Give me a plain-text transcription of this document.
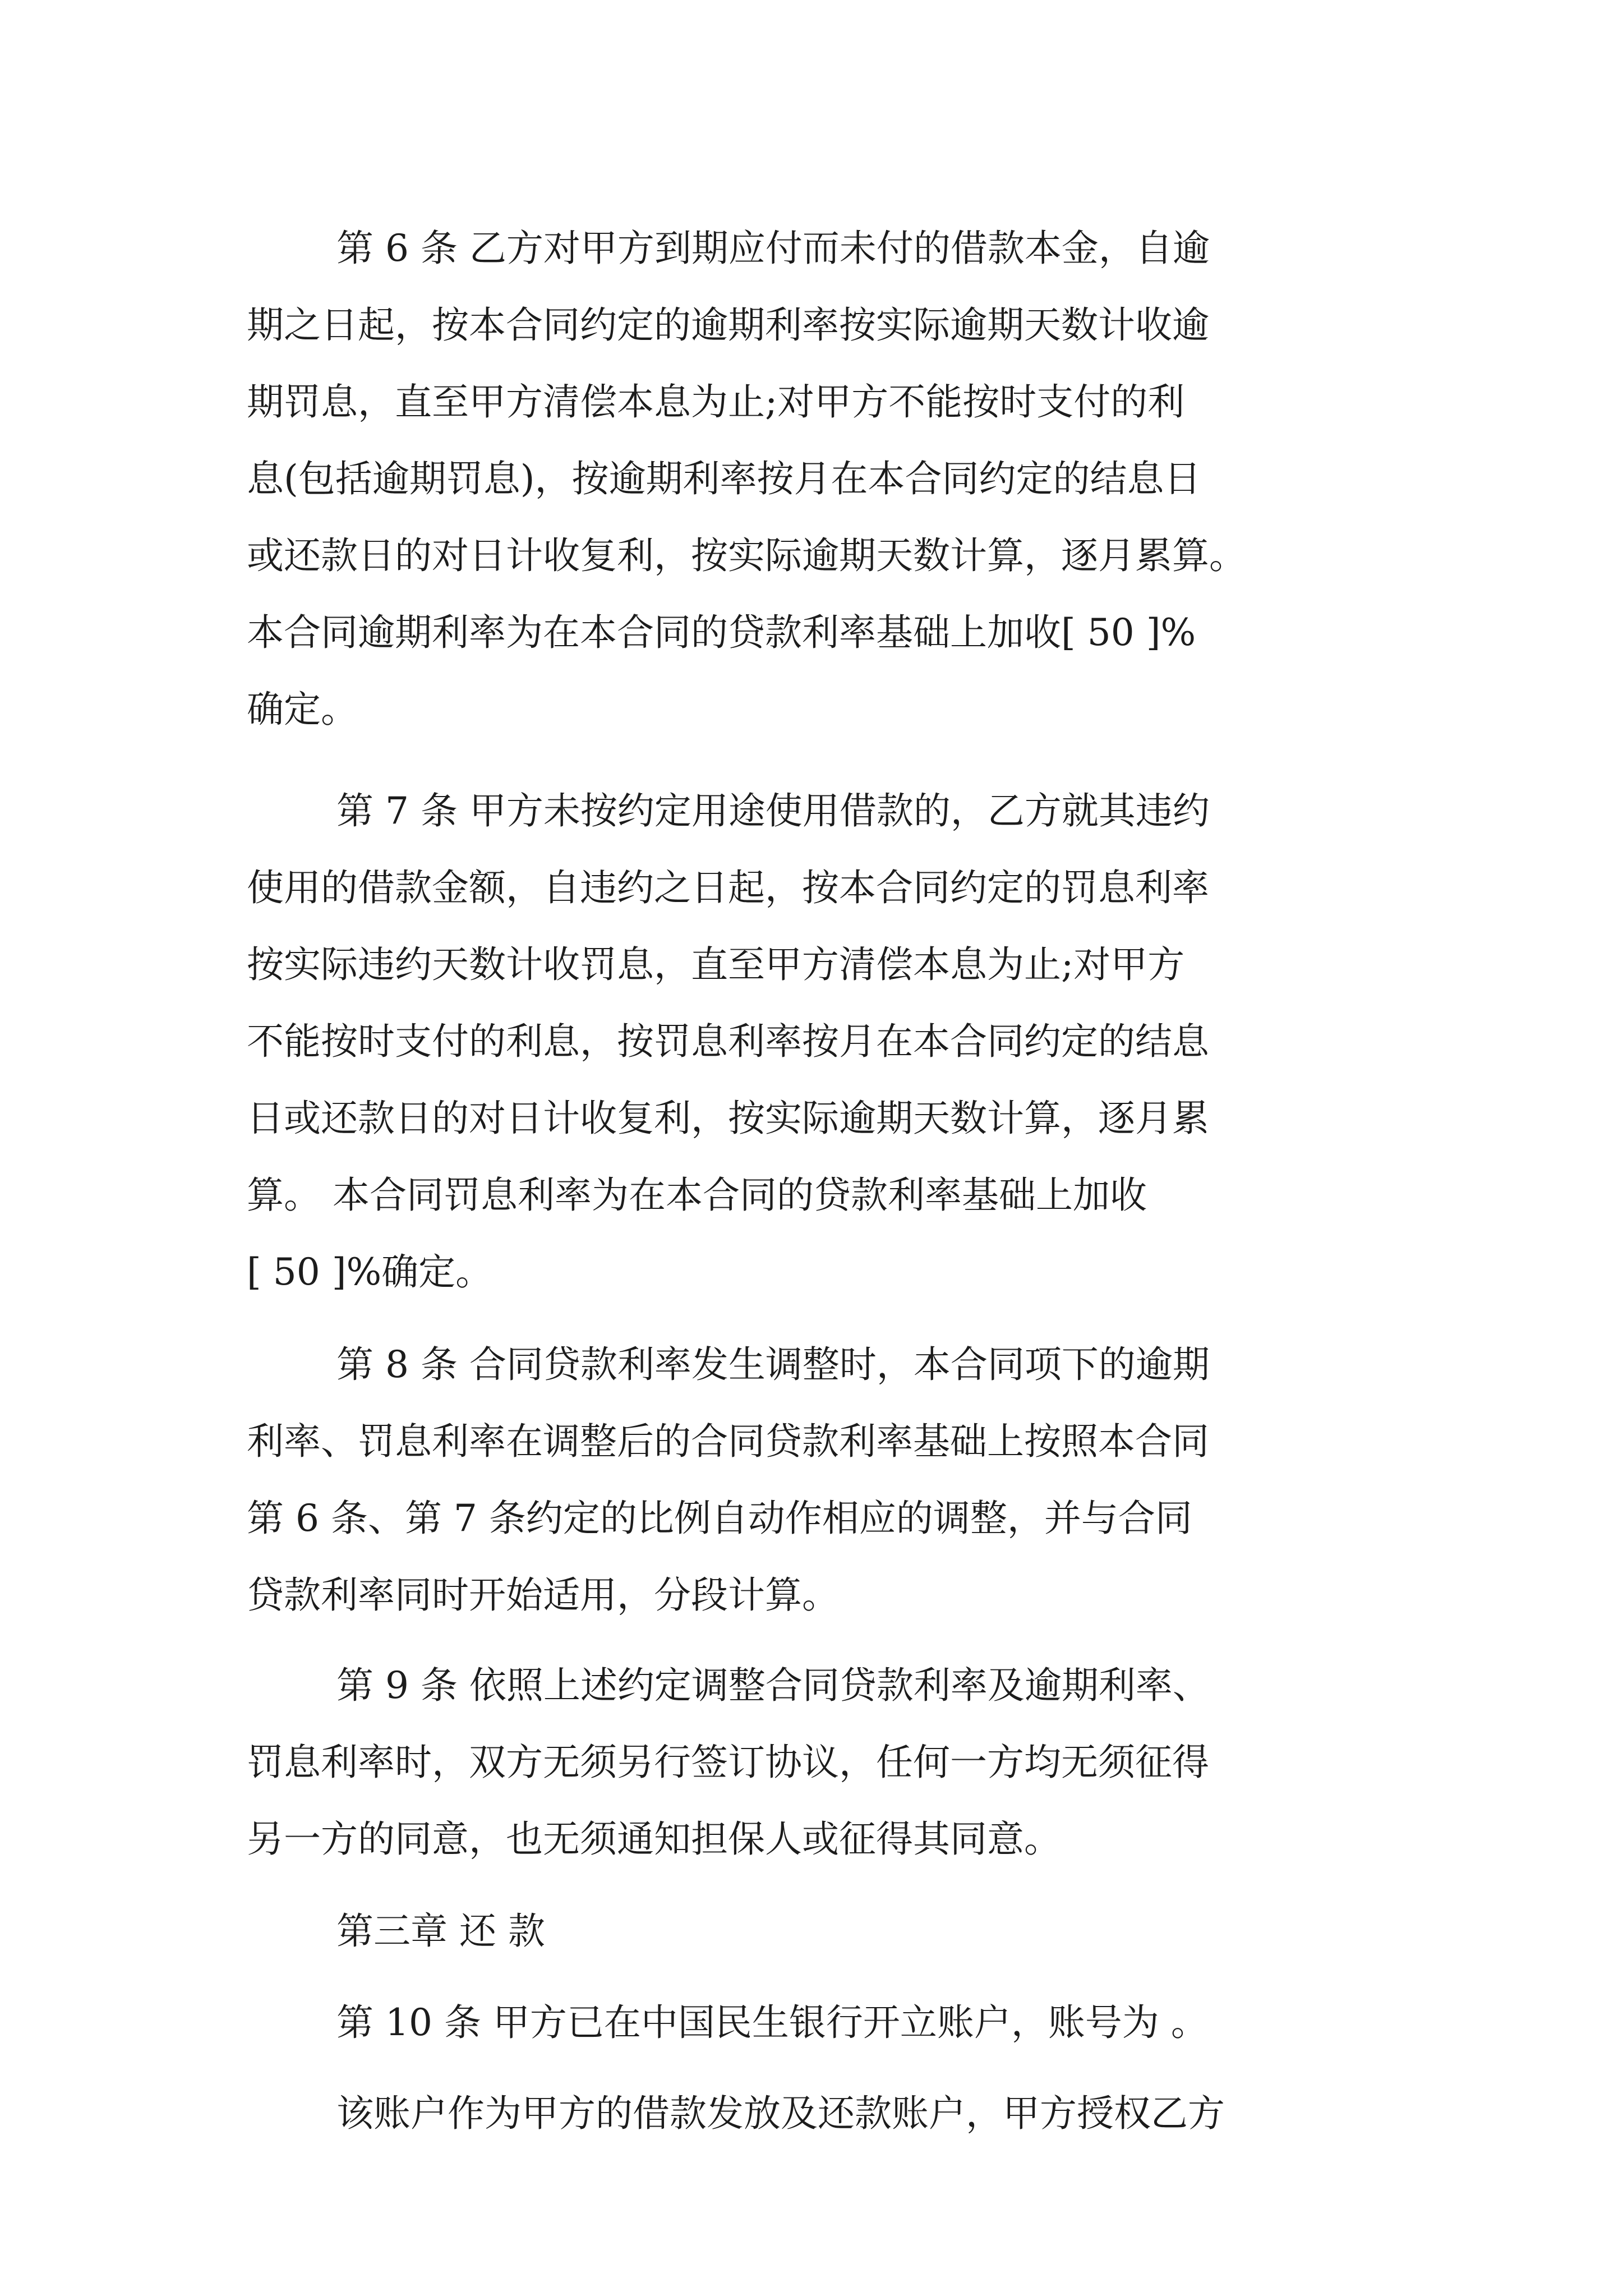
第 6 条 乙方对甲方到期应付而未付的借款本金，自逾
期之日起，按本合同约定的逾期利率按实际逾期天数计收逾
期罚息，直至甲方清偿本息为止;对甲方不能按时支付的利
息(包括逾期罚息)，按逾期利率按月在本合同约定的结息日
或还款日的对日计收复利，按实际逾期天数计算，逐月累算。
本合同逾期利率为在本合同的贷款利率基础上加收[ 50 ]%
确定。
第 7 条 甲方未按约定用途使用借款的，乙方就其违约
使用的借款金额，自违约之日起，按本合同约定的罚息利率
按实际违约天数计收罚息，直至甲方清偿本息为止;对甲方
不能按时支付的利息，按罚息利率按月在本合同约定的结息
日或还款日的对日计收复利，按实际逾期天数计算，逐月累
算。 本合同罚息利率为在本合同的贷款利率基础上加收
[ 50 ]%确定。
第 8 条 合同贷款利率发生调整时，本合同项下的逾期
利率、罚息利率在调整后的合同贷款利率基础上按照本合同
第 6 条、第 7 条约定的比例自动作相应的调整，并与合同
贷款利率同时开始适用，分段计算。
第 9 条 依照上述约定调整合同贷款利率及逾期利率、
罚息利率时，双方无须另行签订协议，任何一方均无须征得
另一方的同意，也无须通知担保人或征得其同意。
第三章 还 款
第 10 条 甲方已在中国民生银行开立账户，账号为 。
该账户作为甲方的借款发放及还款账户，甲方授权乙方
